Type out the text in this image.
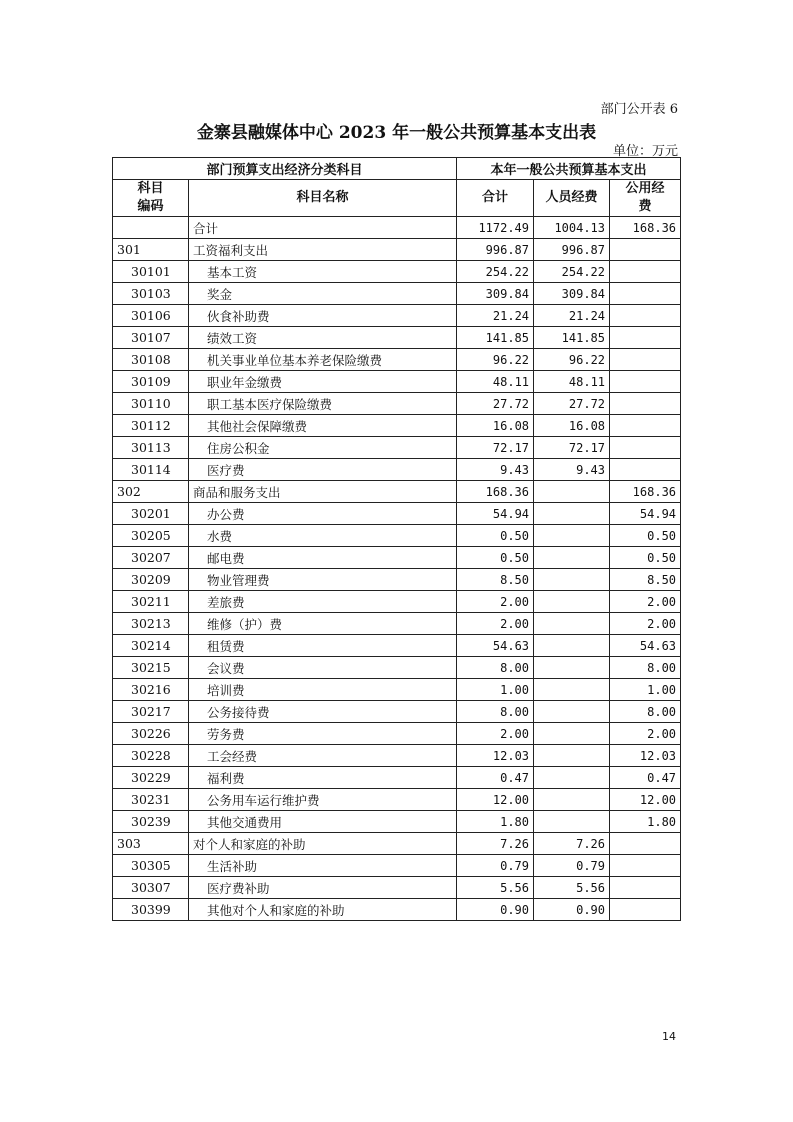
部门公开表 6
金寨县融媒体中心 2023 年一般公共预算基本支出表
单位：万元
部门预算支出经济分类科目		本年一般公共预算基本支出		
科目
编码	科目名称	合计	人员经费	公用经
费
	合计	1172.49	1004.13	168.36
301	工资福利支出	996.87	996.87	
30101	基本工资	254.22	254.22	
30103	奖金	309.84	309.84	
30106	伙食补助费	21.24	21.24	
30107	绩效工资	141.85	141.85	
30108	机关事业单位基本养老保险缴费	96.22	96.22	
30109	职业年金缴费	48.11	48.11	
30110	职工基本医疗保险缴费	27.72	27.72	
30112	其他社会保障缴费	16.08	16.08	
30113	住房公积金	72.17	72.17	
30114	医疗费	9.43	9.43	
302	商品和服务支出	168.36		168.36
30201	办公费	54.94		54.94
30205	水费	0.50		0.50
30207	邮电费	0.50		0.50
30209	物业管理费	8.50		8.50
30211	差旅费	2.00		2.00
30213	维修（护）费	2.00		2.00
30214	租赁费	54.63		54.63
30215	会议费	8.00		8.00
30216	培训费	1.00		1.00
30217	公务接待费	8.00		8.00
30226	劳务费	2.00		2.00
30228	工会经费	12.03		12.03
30229	福利费	0.47		0.47
30231	公务用车运行维护费	12.00		12.00
30239	其他交通费用	1.80		1.80
303	对个人和家庭的补助	7.26	7.26	
30305	生活补助	0.79	0.79	
30307	医疗费补助	5.56	5.56	
30399	其他对个人和家庭的补助	0.90	0.90	
14
